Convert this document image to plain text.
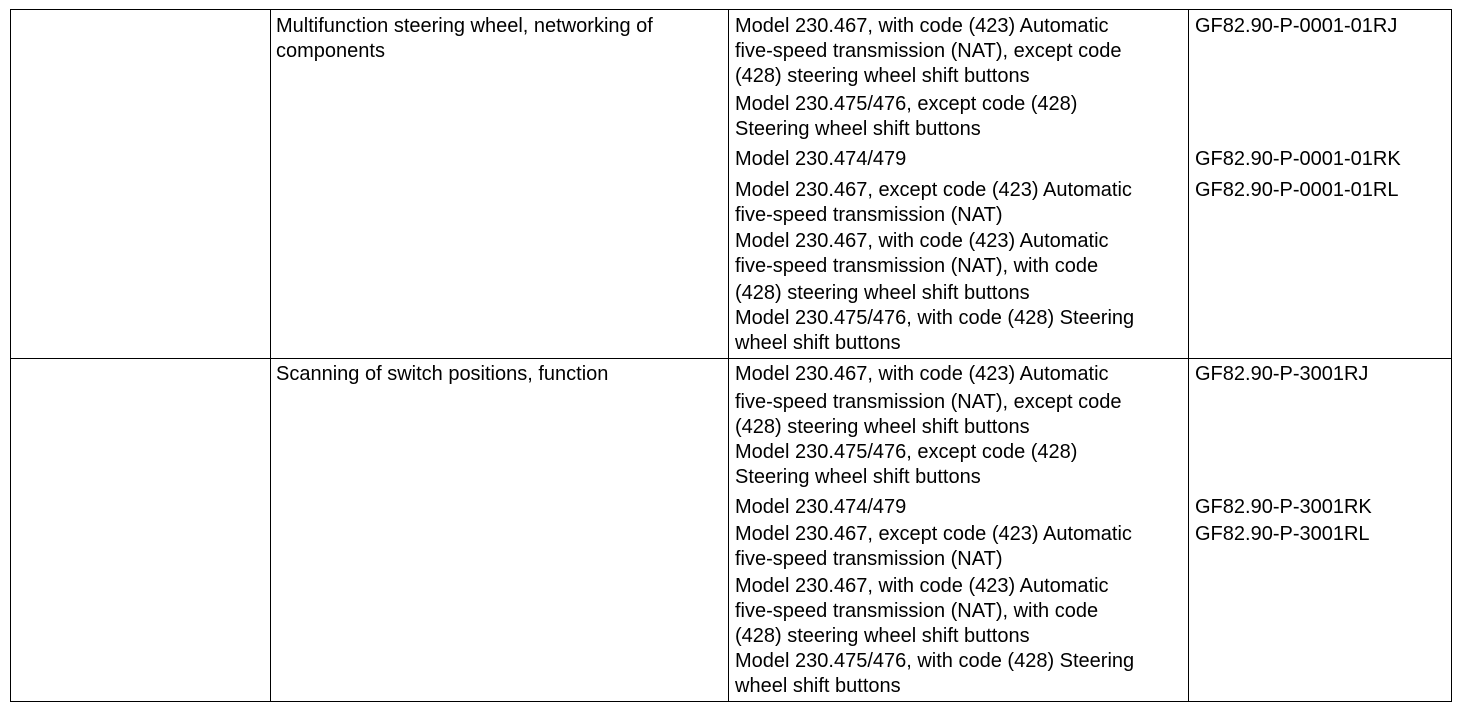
Multifunction steering wheel, networking of
components
Model 230.467, with code (423) Automatic
five-speed transmission (NAT), except code
(428) steering wheel shift buttons
Model 230.475/476, except code (428)
Steering wheel shift buttons
GF82.90-P-0001-01RJ
Model 230.474/479	GF82.90-P-0001-01RK
Model 230.467, except code (423) Automatic
five-speed transmission (NAT)
Model 230.467, with code (423) Automatic
five-speed transmission (NAT), with code
(428) steering wheel shift buttons
Model 230.475/476, with code (428) Steering
wheel shift buttons
GF82.90-P-0001-01RL
Scanning of switch positions, function	Model 230.467, with code (423) Automatic
five-speed transmission (NAT), except code
(428) steering wheel shift buttons
Model 230.475/476, except code (428)
Steering wheel shift buttons
GF82.90-P-3001RJ
Model 230.474/479
Model 230.467, except code (423) Automatic
five-speed transmission (NAT)
Model 230.467, with code (423) Automatic
five-speed transmission (NAT), with code
(428) steering wheel shift buttons
Model 230.475/476, with code (428) Steering
wheel shift buttons
GF82.90-P-3001RK
GF82.90-P-3001RL
